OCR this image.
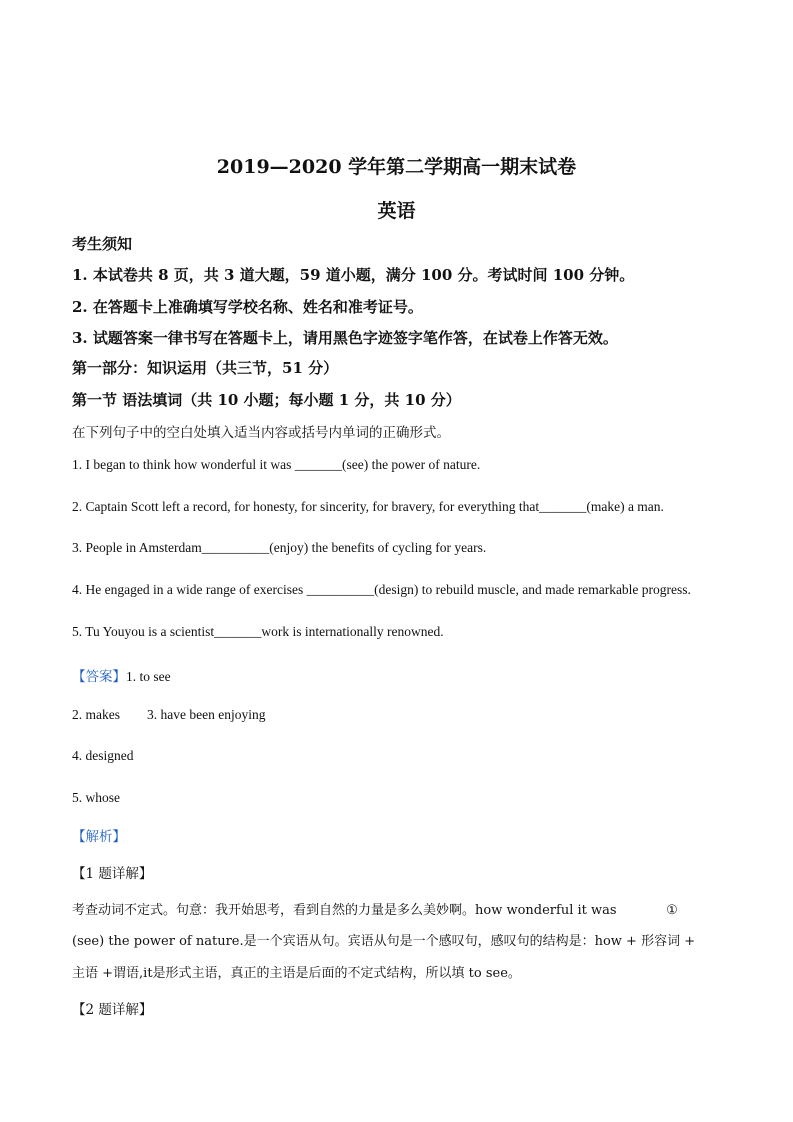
2019—2020 学年第二学期高一期末试卷
英语
考生须知
1. 本试卷共 8 页，共 3 道大题，59 道小题，满分 100 分。考试时间 100 分钟。
2. 在答题卡上准确填写学校名称、姓名和准考证号。
3. 试题答案一律书写在答题卡上，请用黑色字迹签字笔作答，在试卷上作答无效。
第一部分：知识运用（共三节，51 分）
第一节 语法填词（共 10 小题；每小题 1 分，共 10 分）
在下列句子中的空白处填入适当内容或括号内单词的正确形式。
1. I began to think how wonderful it was _______(see) the power of nature.
2. Captain Scott left a record, for honesty, for sincerity, for bravery, for everything that_______(make) a man.
3. People in Amsterdam__________(enjoy) the benefits of cycling for years.
4. He engaged in a wide range of exercises __________(design) to rebuild muscle, and made remarkable progress.
5. Tu Youyou is a scientist_______work is internationally renowned.
【答案】1. to see
2. makes        3. have been enjoying
4. designed
5. whose
【解析】
【1 题详解】
考查动词不定式。句意：我开始思考，看到自然的力量是多么美妙啊。how wonderful it was            ①
(see) the power of nature.是一个宾语从句。宾语从句是一个感叹句，感叹句的结构是：how + 形容词 +
主语 +谓语,it是形式主语，真正的主语是后面的不定式结构，所以填 to see。
【2 题详解】
